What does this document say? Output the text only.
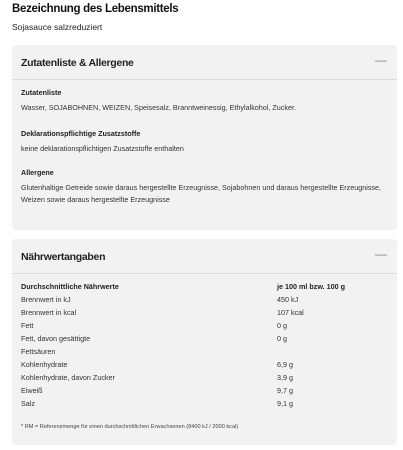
Bezeichnung des Lebensmittels
Sojasauce salzreduziert
Zutatenliste & Allergene	—
Zutatenliste
Wasser, SOJABOHNEN, WEIZEN, Speisesalz, Branntweinessig, Ethylalkohol, Zucker.
Deklarationspflichtige Zusatzstoffe
keine deklarationspflichtigen Zusatzstoffe enthalten
Allergene
Glutenhaltige Getreide sowie daraus hergestellte Erzeugnisse, Sojabohnen und daraus hergestellte Erzeugnisse, Weizen sowie daraus hergestellte Erzeugnisse
Nährwertangaben	—
Durchschnittliche Nährwerte	je 100 ml bzw. 100 g
Brennwert in kJ	450 kJ
Brennwert in kcal	107 kcal
Fett	0 g
Fett, davon gesättigte	0 g
Fettsäuren
Kohlenhydrate	6,9 g
Kohlenhydrate, davon Zucker	3,9 g
Eiweiß	9,7 g
Salz	9,1 g
* RM = Referenzmenge für einen durchschnittlichen Erwachsenen (8400 kJ / 2000 kcal)
